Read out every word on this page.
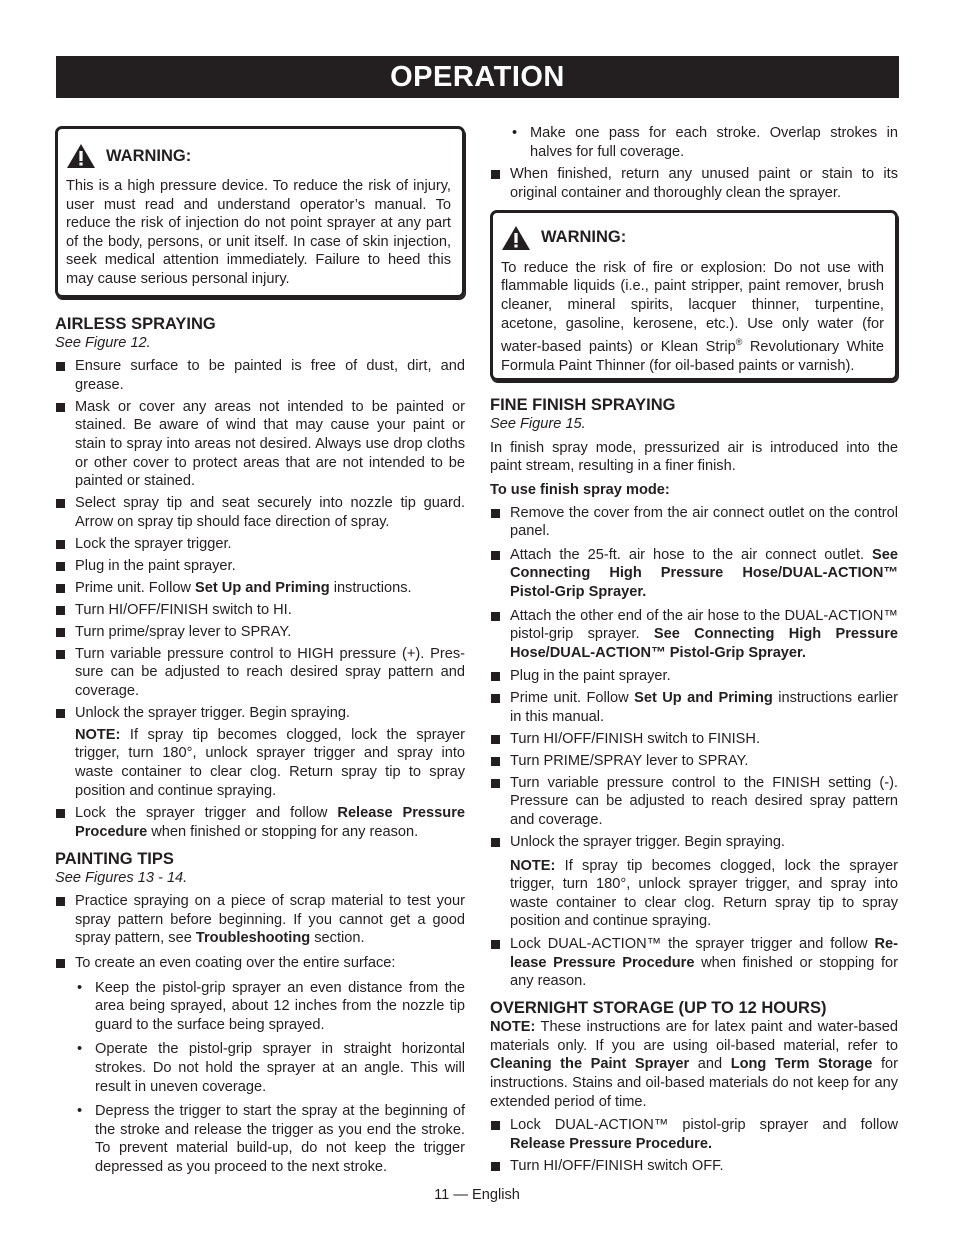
OPERATION
WARNING:
This is a high pressure device. To reduce the risk of injury, user must read and understand operator’s manual. To reduce the risk of injection do not point sprayer at any part of the body, persons, or unit itself. In case of skin injection, seek medical attention immediately. Failure to heed this may cause serious personal injury.
AIRLESS SPRAYING
See Figure 12.
Ensure surface to be painted is free of dust, dirt, and grease.
Mask or cover any areas not intended to be painted or stained. Be aware of wind that may cause your paint or stain to spray into areas not desired. Always use drop cloths or other cover to protect areas that are not intended to be painted or stained.
Select spray tip and seat securely into nozzle tip guard. Arrow on spray tip should face direction of spray.
Lock the sprayer trigger.
Plug in the paint sprayer.
Prime unit. Follow Set Up and Priming instructions.
Turn HI/OFF/FINISH switch to HI.
Turn prime/spray lever to SPRAY.
Turn variable pressure control to HIGH pressure (+). Pres-sure can be adjusted to reach desired spray pattern and coverage.
Unlock the sprayer trigger. Begin spraying.
NOTE: If spray tip becomes clogged, lock the sprayer trigger, turn 180°, unlock sprayer trigger and spray into waste container to clear clog. Return spray tip to spray position and continue spraying.
Lock the sprayer trigger and follow Release Pressure Procedure when finished or stopping for any reason.
PAINTING TIPS
See Figures 13 - 14.
Practice spraying on a piece of scrap material to test your spray pattern before beginning. If you cannot get a good spray pattern, see Troubleshooting section.
To create an even coating over the entire surface:
• Keep the pistol-grip sprayer an even distance from the area being sprayed, about 12 inches from the nozzle tip guard to the surface being sprayed.
• Operate the pistol-grip sprayer in straight horizontal strokes. Do not hold the sprayer at an angle. This will result in uneven coverage.
• Depress the trigger to start the spray at the beginning of the stroke and release the trigger as you end the stroke. To prevent material build-up, do not keep the trigger depressed as you proceed to the next stroke.
• Make one pass for each stroke. Overlap strokes in halves for full coverage.
When finished, return any unused paint or stain to its original container and thoroughly clean the sprayer.
WARNING:
To reduce the risk of fire or explosion: Do not use with flammable liquids (i.e., paint stripper, paint remover, brush cleaner, mineral spirits, lacquer thinner, turpentine, acetone, gasoline, kerosene, etc.). Use only water (for water-based paints) or Klean Strip® Revolutionary White Formula Paint Thinner (for oil-based paints or varnish).
FINE FINISH SPRAYING
See Figure 15.

In finish spray mode, pressurized air is introduced into the paint stream, resulting in a finer finish.

To use finish spray mode:
Remove the cover from the air connect outlet on the control panel.
Attach the 25-ft. air hose to the air connect outlet. See Connecting High Pressure Hose/DUAL-ACTION™ Pistol-Grip Sprayer.
Attach the other end of the air hose to the DUAL-ACTION™ pistol-grip sprayer. See Connecting High Pressure Hose/DUAL-ACTION™ Pistol-Grip Sprayer.
Plug in the paint sprayer.
Prime unit. Follow Set Up and Priming instructions earlier in this manual.
Turn HI/OFF/FINISH switch to FINISH.
Turn PRIME/SPRAY lever to SPRAY.
Turn variable pressure control to the FINISH setting (-). Pressure can be adjusted to reach desired spray pattern and coverage.
Unlock the sprayer trigger. Begin spraying.
NOTE: If spray tip becomes clogged, lock the sprayer trigger, turn 180°, unlock sprayer trigger, and spray into waste container to clear clog. Return spray tip to spray position and continue spraying.
Lock DUAL-ACTION™ the sprayer trigger and follow Re-lease Pressure Procedure when finished or stopping for any reason.
OVERNIGHT STORAGE (UP TO 12 HOURS)

NOTE: These instructions are for latex paint and water-based materials only. If you are using oil-based material, refer to Cleaning the Paint Sprayer and Long Term Storage for instructions. Stains and oil-based materials do not keep for any extended period of time.

Lock DUAL-ACTION™ pistol-grip sprayer and follow Release Pressure Procedure.
Turn HI/OFF/FINISH switch OFF.
11 — English
